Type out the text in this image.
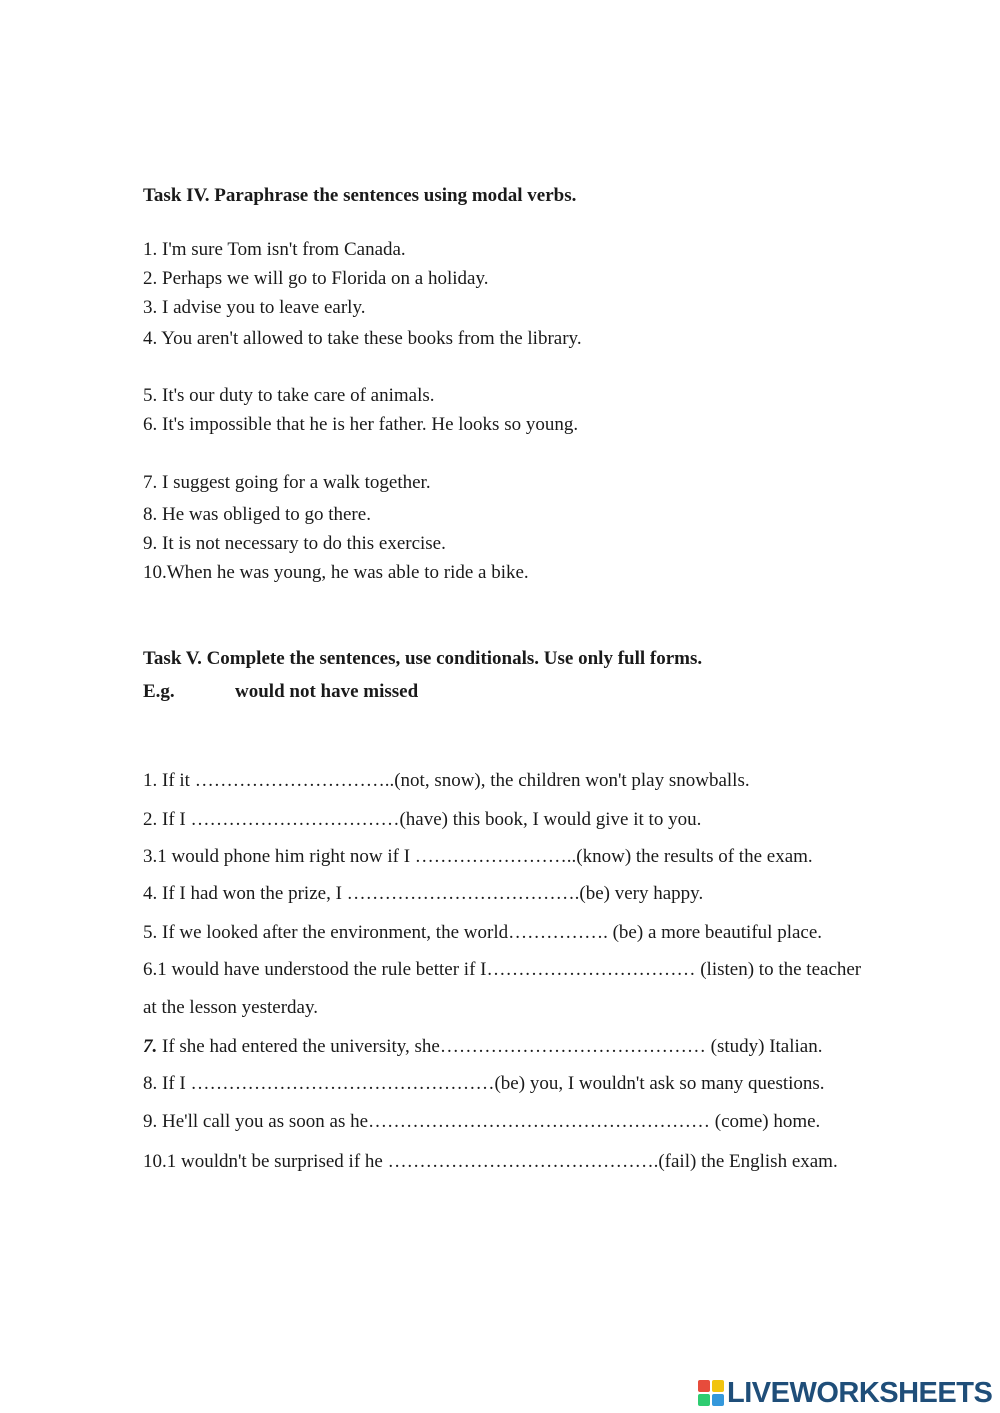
Task IV. Paraphrase the sentences using modal verbs.
1. I'm sure Tom isn't from Canada.
2. Perhaps we will go to Florida on a holiday.
3. I advise you to leave early.
4. You aren't allowed to take these books from the library.
5. It's our duty to take care of animals.
6. It's impossible that he is her father. He looks so young.
7. I suggest going for a walk together.
8. He was obliged to go there.
9. It is not necessary to do this exercise.
10.When he was young, he was able to ride a bike.
Task V. Complete the sentences, use conditionals. Use only full forms.
E.g.	would not have missed
1. If it …………………………..(not, snow), the children won't play snowballs.
2. If I ……………………………(have) this book, I would give it to you.
3.1 would phone him right now if I ……………………..(know) the results of the exam.
4. If I had won the prize, I ……………………………….(be) very happy.
5. If we looked after the environment, the world……………. (be) a more beautiful place.
6.1 would have understood the rule better if I…………………………… (listen) to the teacher
at the lesson yesterday.
7. If she had entered the university, she…………………………………… (study) Italian.
8. If I …………………………………………(be) you, I wouldn't ask so many questions.
9. He'll call you as soon as he……………………………………………… (come) home.
10.1 wouldn't be surprised if he …………………………………….(fail) the English exam.
LIVEWORKSHEETS
